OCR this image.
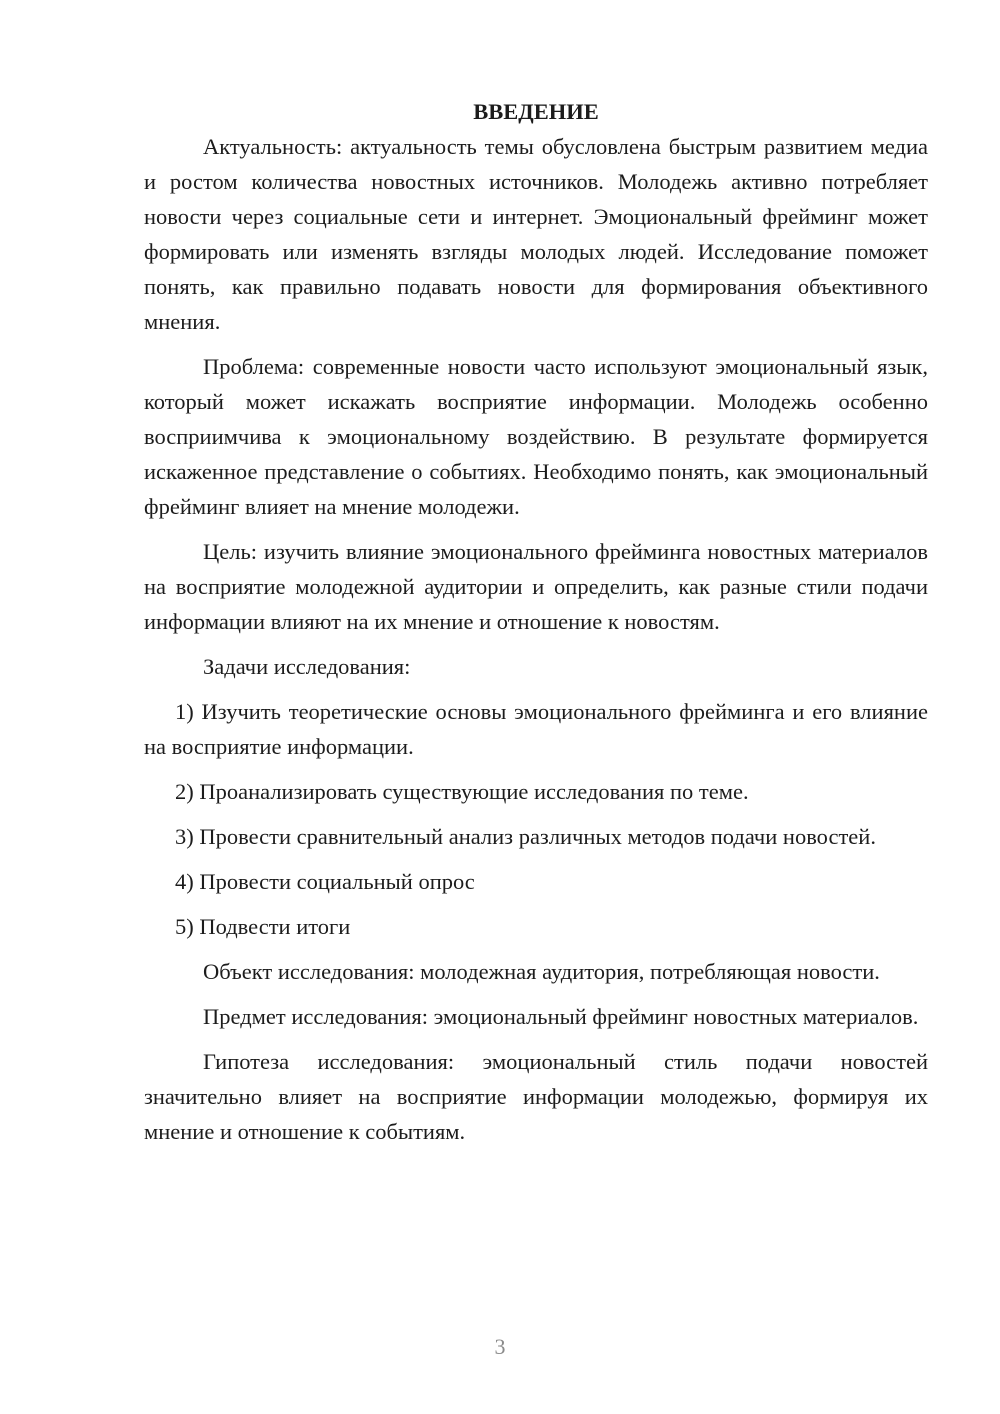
ВВЕДЕНИЕ

Актуальность: актуальность темы обусловлена быстрым развитием медиа и ростом количества новостных источников. Молодежь активно потребляет новости через социальные сети и интернет. Эмоциональный фрейминг может формировать или изменять взгляды молодых людей. Исследование поможет понять, как правильно подавать новости для формирования объективного мнения.

Проблема: современные новости часто используют эмоциональный язык, который может искажать восприятие информации. Молодежь особенно восприимчива к эмоциональному воздействию. В результате формируется искаженное представление о событиях. Необходимо понять, как эмоциональный фрейминг влияет на мнение молодежи.

Цель: изучить влияние эмоционального фрейминга новостных материалов на восприятие молодежной аудитории и определить, как разные стили подачи информации влияют на их мнение и отношение к новостям.

Задачи исследования:

1) Изучить теоретические основы эмоционального фрейминга и его влияние на восприятие информации.

2) Проанализировать существующие исследования по теме.

3) Провести сравнительный анализ различных методов подачи новостей.

4) Провести социальный опрос

5) Подвести итоги

Объект исследования: молодежная аудитория, потребляющая новости.

Предмет исследования: эмоциональный фрейминг новостных материалов.

Гипотеза исследования: эмоциональный стиль подачи новостей значительно влияет на восприятие информации молодежью, формируя их мнение и отношение к событиям.

3
